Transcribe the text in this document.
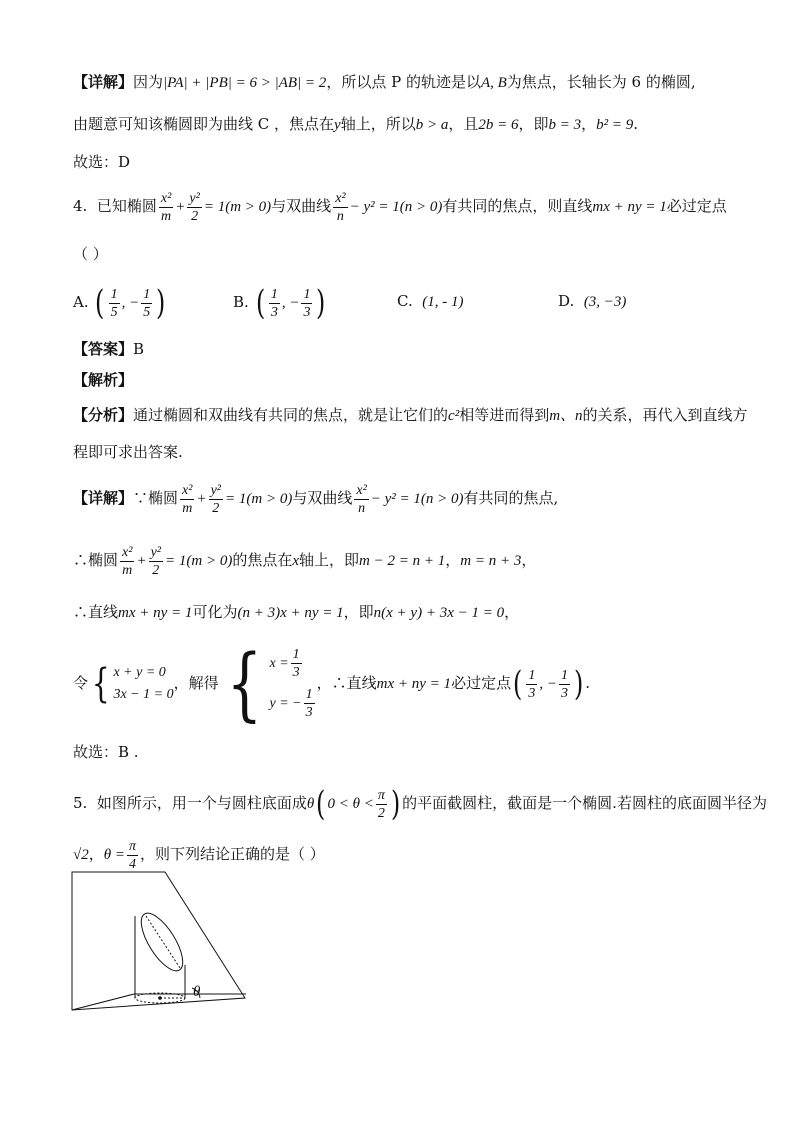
【详解】因为|PA| + |PB| = 6 > |AB| = 2，所以点 P 的轨迹是以A, B为焦点，长轴长为 6 的椭圆,
由题意可知该椭圆即为曲线 C ，焦点在y轴上，所以b > a，且2b = 6，即b = 3，b² = 9.
故选：D
4. 已知椭圆 $\frac{\text{x²}}{m} + \frac{\text{y²}}{2} = 1(m > 0)$与双曲线 $\frac{\text{x²}}{n} - y^2 = 1(n > 0)$有共同的焦点，则直线mx + ny = 1必过定点
（ ）
A. ( $\frac{1}{5}$ , − $\frac{1}{5}$ )	B. ( $\frac{1}{3}$ , − $\frac{1}{3}$ )	C. (1, - 1)	D. (3, −3)
【答案】B
【解析】
【分析】通过椭圆和双曲线有共同的焦点，就是让它们的c²相等进而得到m、n的关系，再代入到直线方
程即可求出答案.
【详解】∵椭圆 $\frac{\text{x²}}{m} + \frac{\text{y²}}{2} = 1(m > 0)$与双曲线 $\frac{\text{x²}}{n} - y^2 = 1(n > 0)$有共同的焦点,
∴椭圆 $\frac{\text{x²}}{m} + \frac{\text{y²}}{2} = 1(m > 0)$的焦点在x轴上，即m − 2 = n + 1，m = n + 3，
∴直线mx + ny = 1可化为(n + 3)x + ny = 1，即n(x + y) + 3x − 1 = 0，
令{ x + y = 0
3x − 1 = 0
，解得{ $x = \frac{1}{3}$
y = − $\frac{1}{3}$
，∴直线mx + ny = 1必过定点( $\frac{1}{3}$ , − $\frac{1}{3}$ ) .
故选：B .
5. 如图所示，用一个与圆柱底面成θ( $0 < \theta < \frac{\pi}{2}$ ) 的平面截圆柱，截面是一个椭圆.若圆柱的底面圆半径为
√2，$\theta = \frac{\pi}{4}$ ，则下列结论正确的是（ ）
θ
